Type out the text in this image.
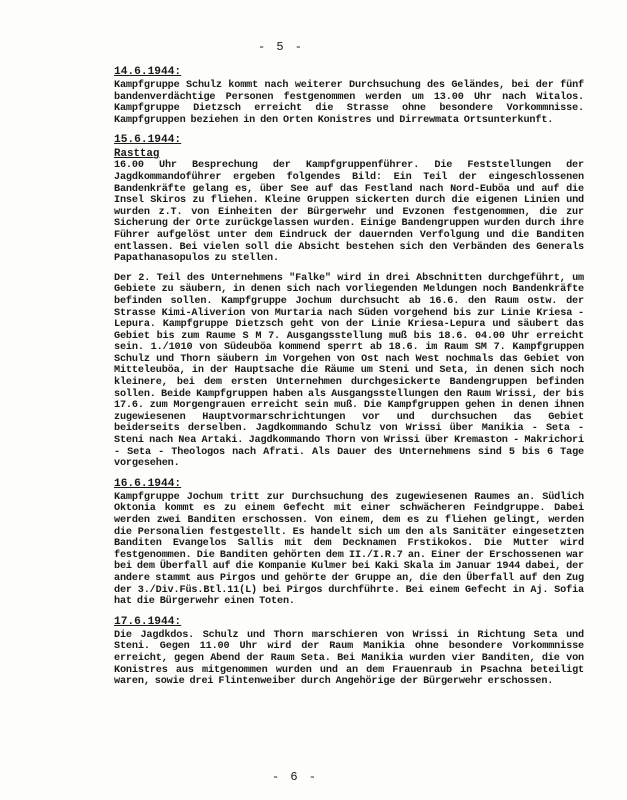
- 5 -
14.6.1944:

Kampfgruppe Schulz kommt nach weiterer Durchsuchung des Geländes, bei der fünf bandenverdächtige Personen festgenommen werden um 13.00 Uhr nach Witalos. Kampfgruppe Dietzsch erreicht die Strasse ohne besondere Vorkommnisse. Kampfgruppen beziehen in den Orten Konistres und Dirrewmata Ortsunterkunft.

15.6.1944:
Rasttag

16.00 Uhr Besprechung der Kampfgruppenführer. Die Feststellungen der Jagdkommandoführer ergeben folgendes Bild: Ein Teil der eingeschlossenen Bandenkräfte gelang es, über See auf das Festland nach Nord-Euböa und auf die Insel Skiros zu fliehen. Kleine Gruppen sickerten durch die eigenen Linien und wurden z.T. von Einheiten der Bürgerwehr und Evzonen festgenommen, die zur Sicherung der Orte zurückgelassen wurden. Einige Bandengruppen wurden durch ihre Führer aufgelöst unter dem Eindruck der dauernden Verfolgung und die Banditen entlassen. Bei vielen soll die Absicht bestehen sich den Verbänden des Generals Papathanasopulos zu stellen.

Der 2. Teil des Unternehmens "Falke" wird in drei Abschnitten durchgeführt, um Gebiete zu säubern, in denen sich nach vorliegenden Meldungen noch Bandenkräfte befinden sollen. Kampfgruppe Jochum durchsucht ab 16.6. den Raum ostw. der Strasse Kimi-Aliverion von Murtaria nach Süden vorgehend bis zur Linie Kriesa - Lepura. Kampfgruppe Dietzsch geht von der Linie Kriesa-Lepura und säubert das Gebiet bis zum Raume S M 7. Ausgangsstellung muß bis 18.6. 04.00 Uhr erreicht sein. 1./1010 von Südeuböa kommend sperrt ab 18.6. im Raum SM 7. Kampfgruppen Schulz und Thorn säubern im Vorgehen von Ost nach West nochmals das Gebiet von Mitteleuböa, in der Hauptsache die Räume um Steni und Seta, in denen sich noch kleinere, bei dem ersten Unternehmen durchgesickerte Bandengruppen befinden sollen. Beide Kampfgruppen haben als Ausgangsstellungen den Raum Wrissi, der bis 17.6. zum Morgengrauen erreicht sein muß. Die Kampfgruppen gehen in denen ihnen zugewiesenen Hauptvormarschrichtungen vor und durchsuchen das Gebiet beiderseits derselben. Jagdkommando Schulz von Wrissi über Manikia - Seta - Steni nach Nea Artaki. Jagdkommando Thorn von Wrissi über Kremaston - Makrichori - Seta - Theologos nach Afrati. Als Dauer des Unternehmens sind 5 bis 6 Tage vorgesehen.

16.6.1944:

Kampfgruppe Jochum tritt zur Durchsuchung des zugewiesenen Raumes an. Südlich Oktonia kommt es zu einem Gefecht mit einer schwächeren Feindgruppe. Dabei werden zwei Banditen erschossen. Von einem, dem es zu fliehen gelingt, werden die Personalien festgestellt. Es handelt sich um den als Sanitäter eingesetzten Banditen Evangelos Sallis mit dem Decknamen Frstikokos. Die Mutter wird festgenommen. Die Banditen gehörten dem II./I.R.7 an. Einer der Erschossenen war bei dem Überfall auf die Kompanie Kulmer bei Kaki Skala im Januar 1944 dabei, der andere stammt aus Pirgos und gehörte der Gruppe an, die den Überfall auf den Zug der 3./Div.Füs.Btl.11(L) bei Pirgos durchführte. Bei einem Gefecht in Aj. Sofia hat die Bürgerwehr einen Toten.

17.6.1944:

Die Jagdkdos. Schulz und Thorn marschieren von Wrissi in Richtung Seta und Steni. Gegen 11.00 Uhr wird der Raum Manikia ohne besondere Vorkommnisse erreicht, gegen Abend der Raum Seta. Bei Manikia wurden vier Banditen, die von Konistres aus mitgenommen wurden und an dem Frauenraub in Psachna beteiligt waren, sowie drei Flintenweiber durch Angehörige der Bürgerwehr erschossen.

- 6 -
